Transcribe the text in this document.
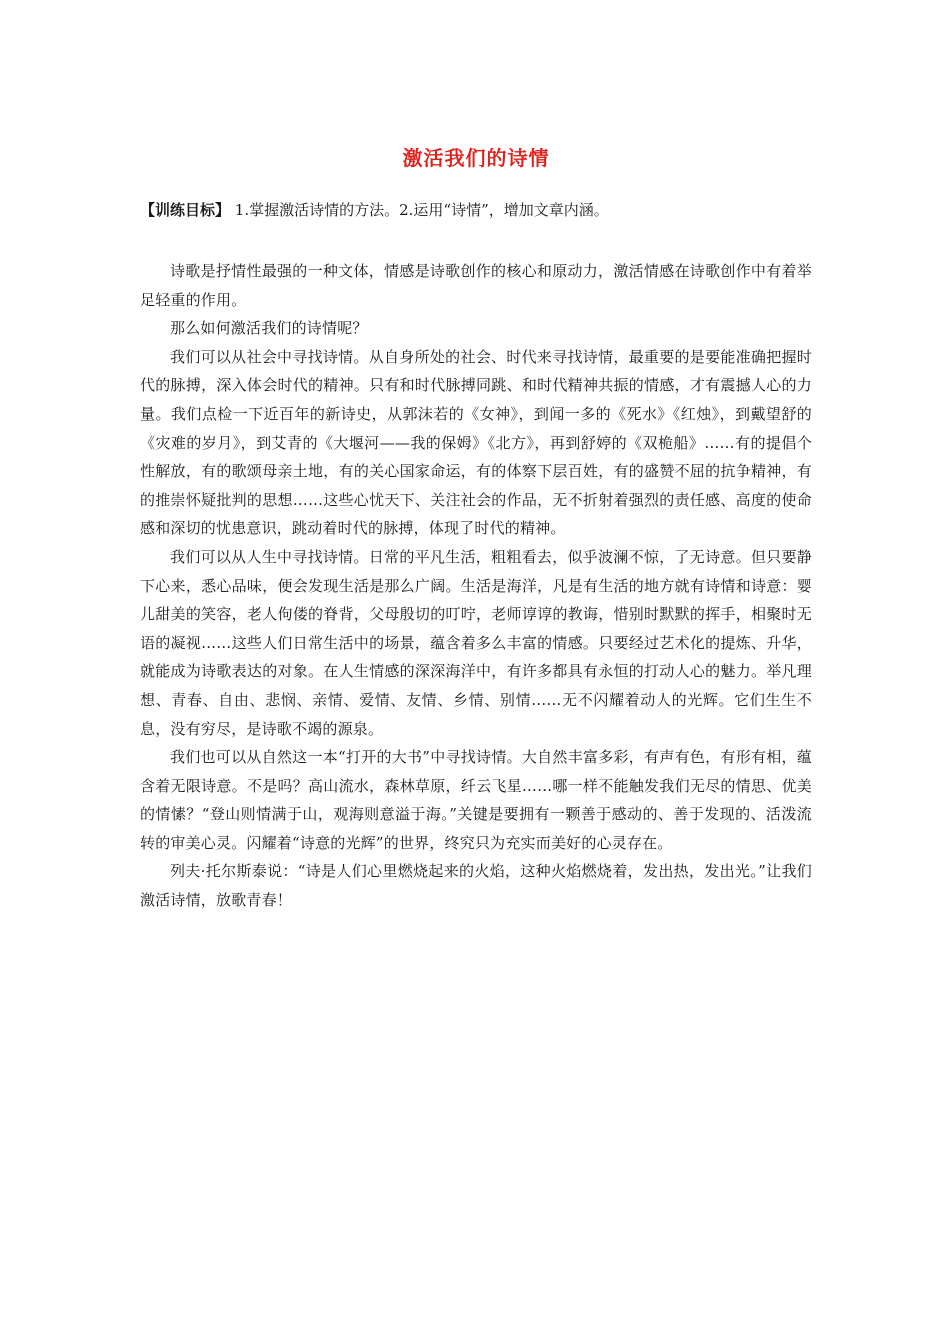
激活我们的诗情

【训练目标】 1.掌握激活诗情的方法。2.运用“诗情”，增加文章内涵。

诗歌是抒情性最强的一种文体，情感是诗歌创作的核心和原动力，激活情感在诗歌创作中有着举足轻重的作用。

那么如何激活我们的诗情呢？

我们可以从社会中寻找诗情。从自身所处的社会、时代来寻找诗情，最重要的是要能准确把握时代的脉搏，深入体会时代的精神。只有和时代脉搏同跳、和时代精神共振的情感，才有震撼人心的力量。我们点检一下近百年的新诗史，从郭沫若的《女神》，到闻一多的《死水》《红烛》，到戴望舒的《灾难的岁月》，到艾青的《大堰河——我的保姆》《北方》，再到舒婷的《双桅船》……有的提倡个性解放，有的歌颂母亲土地，有的关心国家命运，有的体察下层百姓，有的盛赞不屈的抗争精神，有的推崇怀疑批判的思想……这些心忧天下、关注社会的作品，无不折射着强烈的责任感、高度的使命感和深切的忧患意识，跳动着时代的脉搏，体现了时代的精神。

我们可以从人生中寻找诗情。日常的平凡生活，粗粗看去，似乎波澜不惊，了无诗意。但只要静下心来，悉心品味，便会发现生活是那么广阔。生活是海洋，凡是有生活的地方就有诗情和诗意：婴儿甜美的笑容，老人佝偻的脊背，父母殷切的叮咛，老师谆谆的教诲，惜别时默默的挥手，相聚时无语的凝视……这些人们日常生活中的场景，蕴含着多么丰富的情感。只要经过艺术化的提炼、升华，就能成为诗歌表达的对象。在人生情感的深深海洋中，有许多都具有永恒的打动人心的魅力。举凡理想、青春、自由、悲悯、亲情、爱情、友情、乡情、别情……无不闪耀着动人的光辉。它们生生不息，没有穷尽，是诗歌不竭的源泉。

我们也可以从自然这一本“打开的大书”中寻找诗情。大自然丰富多彩，有声有色，有形有相，蕴含着无限诗意。不是吗？高山流水，森林草原，纤云飞星……哪一样不能触发我们无尽的情思、优美的情愫？“登山则情满于山，观海则意溢于海。”关键是要拥有一颗善于感动的、善于发现的、活泼流转的审美心灵。闪耀着“诗意的光辉”的世界，终究只为充实而美好的心灵存在。

列夫·托尔斯泰说：“诗是人们心里燃烧起来的火焰，这种火焰燃烧着，发出热，发出光。”让我们激活诗情，放歌青春！
